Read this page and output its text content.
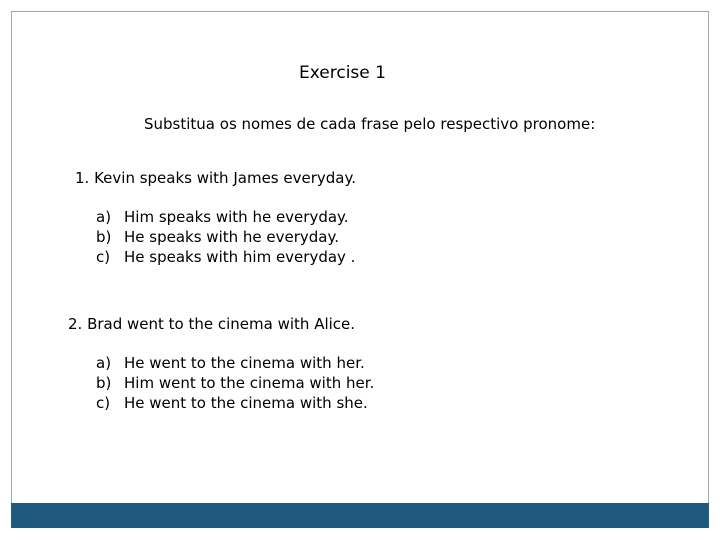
Exercise 1
Substitua os nomes de cada frase pelo respectivo pronome:
1. Kevin speaks with James everyday.
a) Him speaks with he everyday.
b) He speaks with he everyday.
c) He speaks with him everyday .
2. Brad went to the cinema with Alice.
a) He went to the cinema with her.
b) Him went to the cinema with her.
c) He went to the cinema with she.
